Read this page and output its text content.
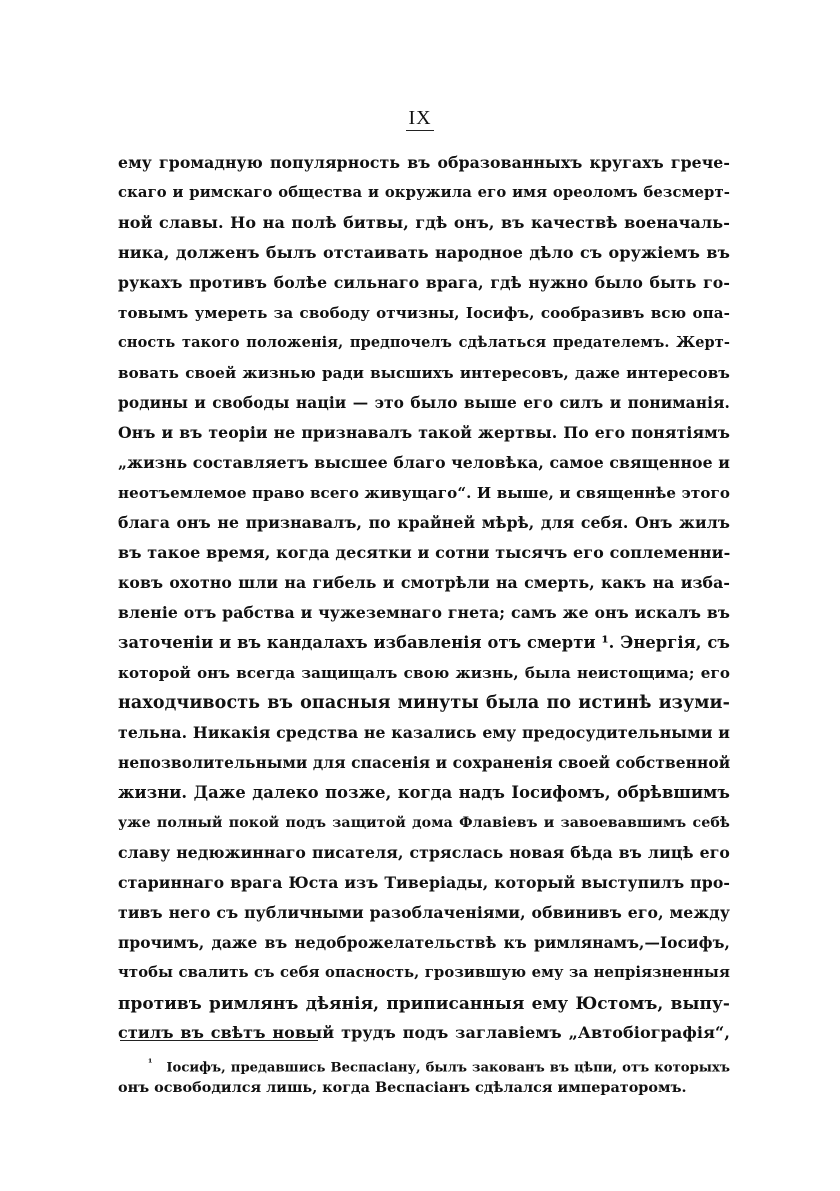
IX
ему громадную популярность въ образованныхъ кругахъ грече-
скаго и римскаго общества и окружила его имя ореоломъ безсмерт-
ной славы. Но на полѣ битвы, гдѣ онъ, въ качествѣ военачаль-
ника, долженъ былъ отстаивать народное дѣло съ оружіемъ въ
рукахъ противъ болѣе сильнаго врага, гдѣ нужно было быть го-
товымъ умереть за свободу отчизны, Іосифъ, сообразивъ всю опа-
сность такого положенія, предпочелъ сдѣлаться предателемъ. Жерт-
вовать своей жизнью ради высшихъ интересовъ, даже интересовъ
родины и свободы націи — это было выше его силъ и пониманія.
Онъ и въ теоріи не признавалъ такой жертвы. По его понятіямъ
„жизнь составляетъ высшее благо человѣка, самое священное и
неотъемлемое право всего живущаго“. И выше, и священнѣе этого
блага онъ не признавалъ, по крайней мѣрѣ, для себя. Онъ жилъ
въ такое время, когда десятки и сотни тысячъ его соплеменни-
ковъ охотно шли на гибель и смотрѣли на смерть, какъ на изба-
вленіе отъ рабства и чужеземнаго гнета; самъ же онъ искалъ въ
заточеніи и въ кандалахъ избавленія отъ смерти ¹. Энергія, съ
которой онъ всегда защищалъ свою жизнь, была неистощима; его
находчивость въ опасныя минуты была по истинѣ изуми-
тельна. Никакія средства не казались ему предосудительными и
непозволительными для спасенія и сохраненія своей собственной
жизни. Даже далеко позже, когда надъ Іосифомъ, обрѣвшимъ
уже полный покой подъ защитой дома Флавіевъ и завоевавшимъ себѣ
славу недюжиннаго писателя, стряслась новая бѣда въ лицѣ его
стариннаго врага Юста изъ Тиверіады, который выступилъ про-
тивъ него съ публичными разоблаченіями, обвинивъ его, между
прочимъ, даже въ недоброжелательствѣ къ римлянамъ,—Іосифъ,
чтобы свалить съ себя опасность, грозившую ему за непріязненныя
противъ римлянъ дѣянія, приписанныя ему Юстомъ, выпу-
стилъ въ свѣтъ новый трудъ подъ заглавіемъ „Автобіографія“,
$^{^1}$ Іосифъ, предавшись Веспасіану, былъ закованъ въ цѣпи, отъ которыхъ
онъ освободился лишь, когда Веспасіанъ сдѣлался императоромъ.
